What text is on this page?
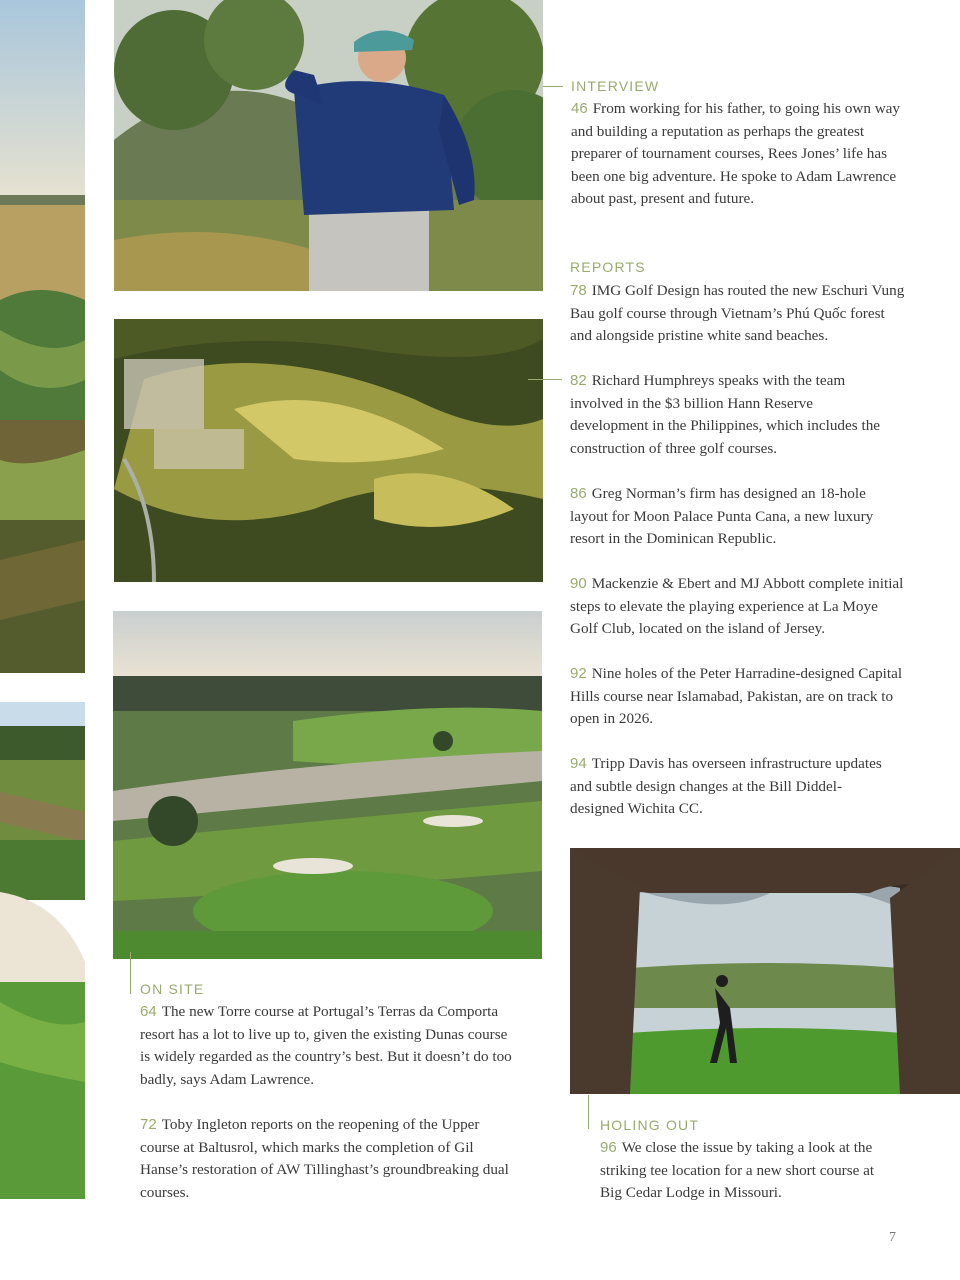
INTERVIEW
46 From working for his father, to going his own way and building a reputation as perhaps the greatest preparer of tournament courses, Rees Jones’ life has been one big adventure. He spoke to Adam Lawrence about past, present and future.
REPORTS
78 IMG Golf Design has routed the new Eschuri Vung Bau golf course through Vietnam’s Phú Quốc forest and alongside pristine white sand beaches.
82 Richard Humphreys speaks with the team involved in the $3 billion Hann Reserve development in the Philippines, which includes the construction of three golf courses.
86 Greg Norman’s firm has designed an 18-hole layout for Moon Palace Punta Cana, a new luxury resort in the Dominican Republic.
90 Mackenzie & Ebert and MJ Abbott complete initial steps to elevate the playing experience at La Moye Golf Club, located on the island of Jersey.
92 Nine holes of the Peter Harradine-designed Capital Hills course near Islamabad, Pakistan, are on track to open in 2026.
94 Tripp Davis has overseen infrastructure updates and subtle design changes at the Bill Diddel-designed Wichita CC.
ON SITE
64 The new Torre course at Portugal’s Terras da Comporta resort has a lot to live up to, given the existing Dunas course is widely regarded as the country’s best. But it doesn’t do too badly, says Adam Lawrence.
72 Toby Ingleton reports on the reopening of the Upper course at Baltusrol, which marks the completion of Gil Hanse’s restoration of AW Tillinghast’s groundbreaking dual courses.
HOLING OUT
96 We close the issue by taking a look at the striking tee location for a new short course at Big Cedar Lodge in Missouri.
7
